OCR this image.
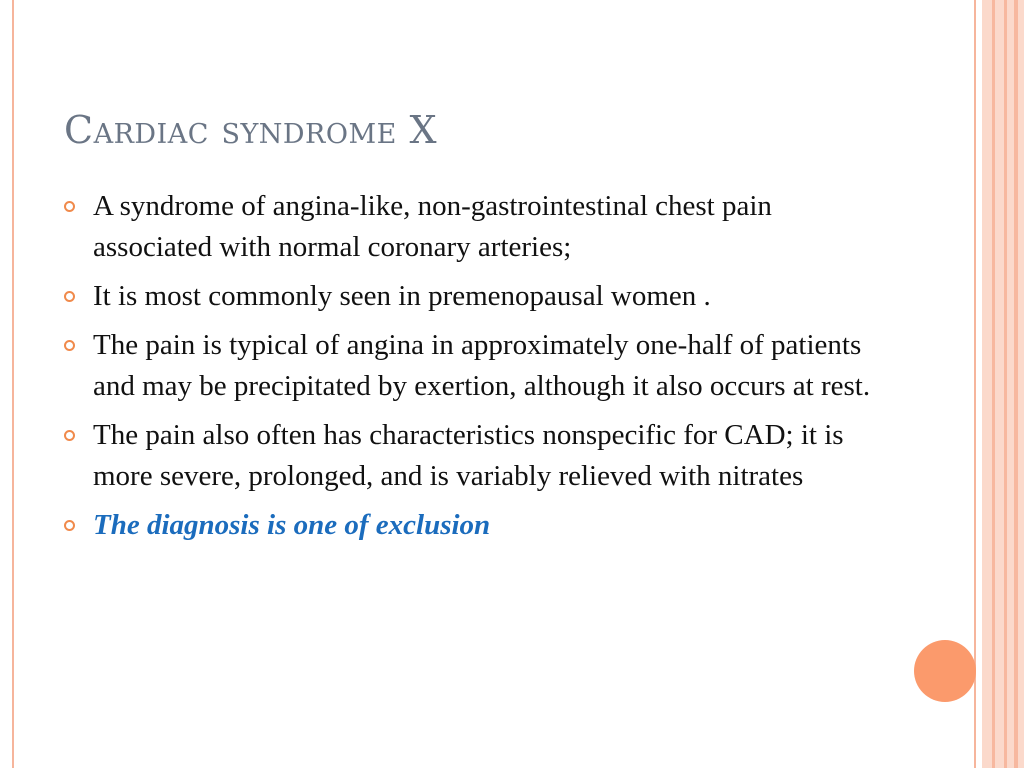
Cardiac syndrome X
A syndrome of angina-like, non-gastrointestinal chest pain associated with normal coronary arteries;
It is most commonly seen in premenopausal women .
The pain is typical of angina in approximately one-half of patients and may be precipitated by exertion, although it also occurs at rest.
The pain also often has characteristics nonspecific for CAD; it is more severe, prolonged, and is variably relieved with nitrates
The diagnosis is one of exclusion
